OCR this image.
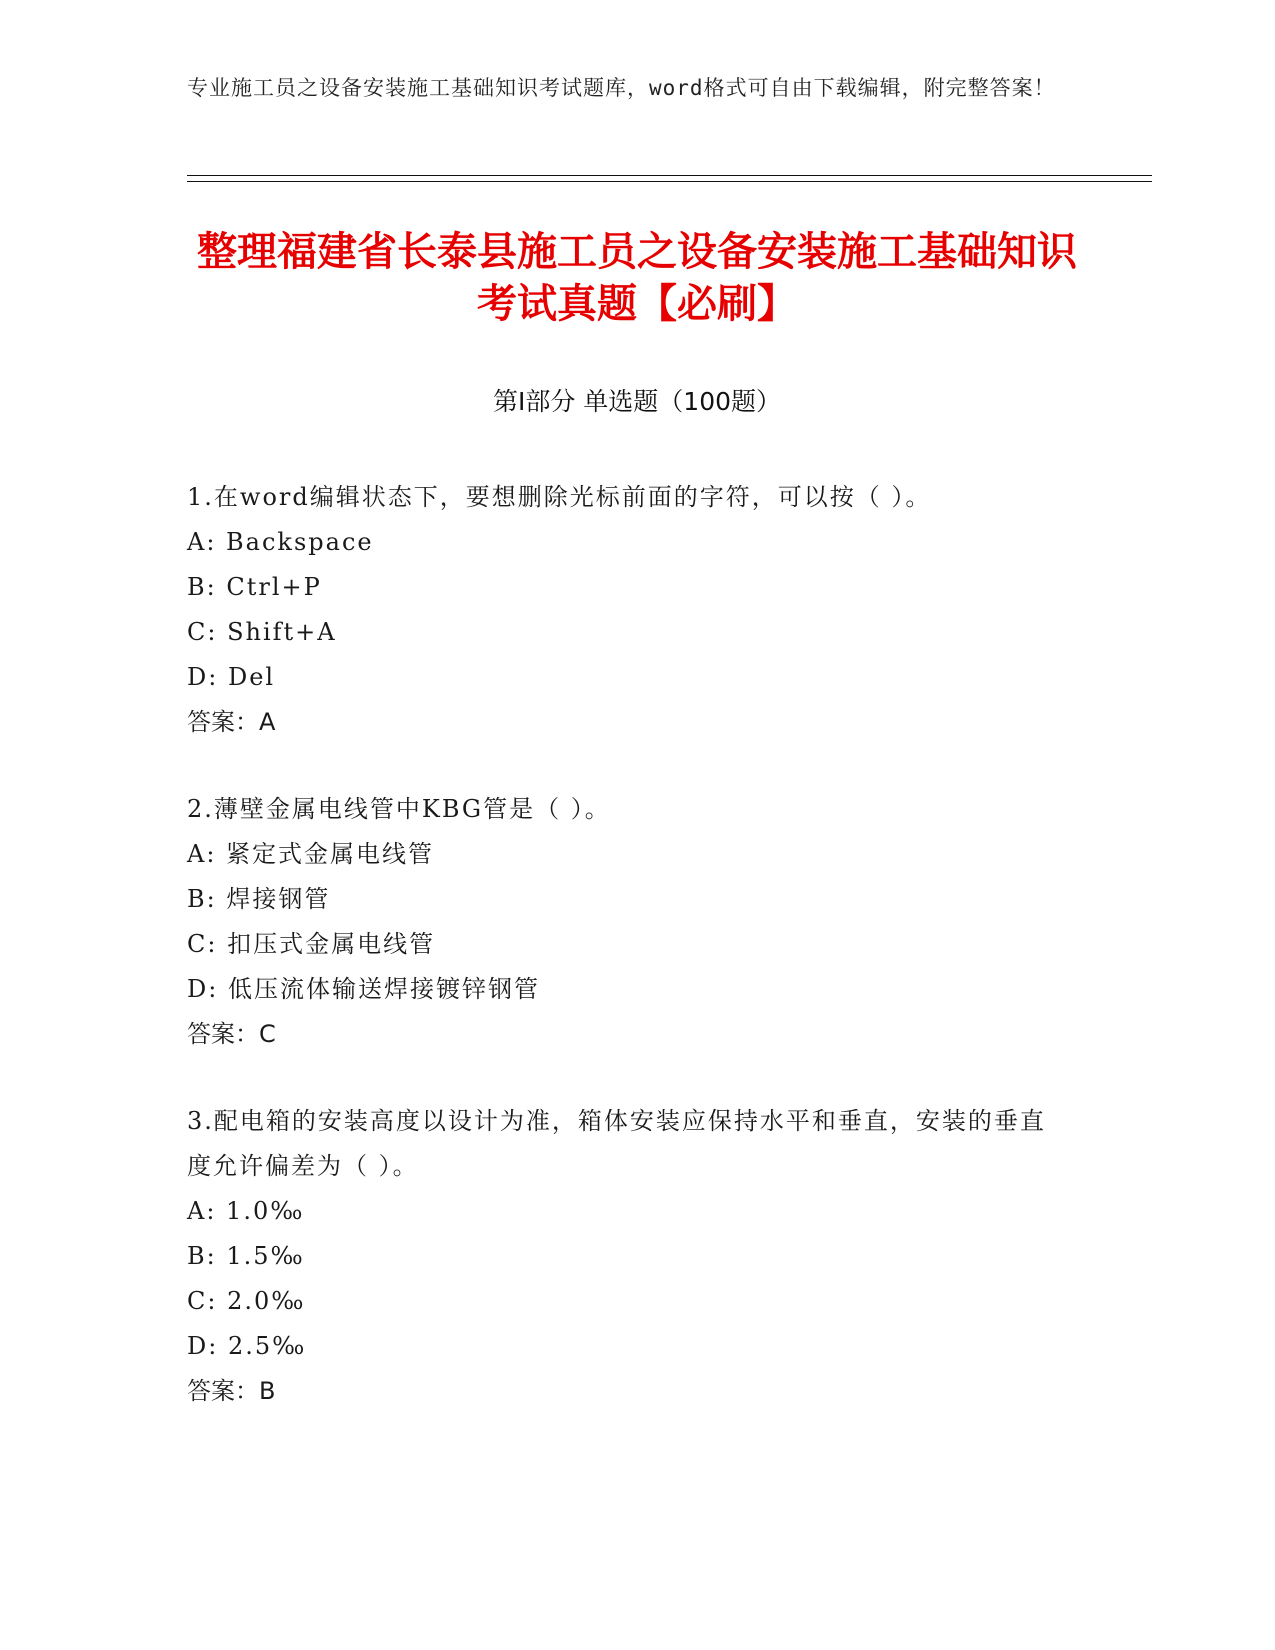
专业施工员之设备安装施工基础知识考试题库，word格式可自由下载编辑，附完整答案！
整理福建省长泰县施工员之设备安装施工基础知识考试真题【必刷】
第Ⅰ部分 单选题（100题）
1.在word编辑状态下，要想删除光标前面的字符，可以按（ ）。
A: Backspace
B: Ctrl+P
C: Shift+A
D: Del
答案：A
2.薄壁金属电线管中KBG管是（ ）。
A: 紧定式金属电线管
B: 焊接钢管
C: 扣压式金属电线管
D: 低压流体输送焊接镀锌钢管
答案：C
3.配电箱的安装高度以设计为准，箱体安装应保持水平和垂直，安装的垂直度允许偏差为（ ）。
A: 1.0‰
B: 1.5‰
C: 2.0‰
D: 2.5‰
答案：B
